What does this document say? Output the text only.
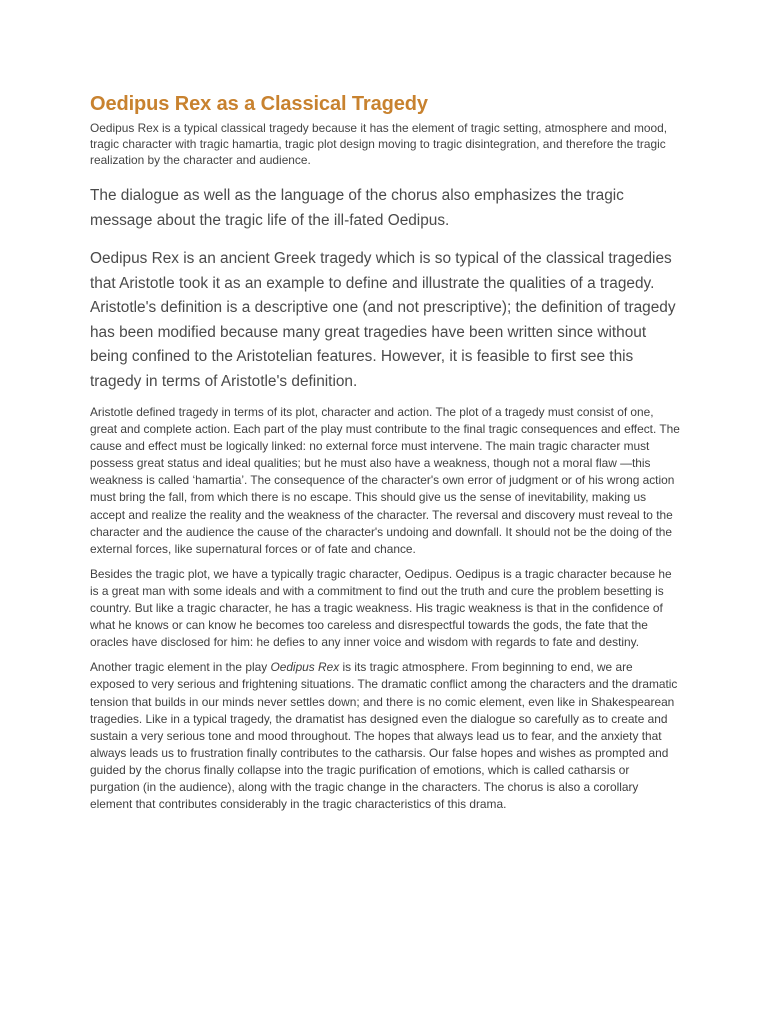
Oedipus Rex as a Classical Tragedy

Oedipus Rex is a typical classical tragedy because it has the element of tragic setting, atmosphere and mood, tragic character with tragic hamartia, tragic plot design moving to tragic disintegration, and therefore the tragic realization by the character and audience.

The dialogue as well as the language of the chorus also emphasizes the tragic message about the tragic life of the ill-fated Oedipus.

Oedipus Rex is an ancient Greek tragedy which is so typical of the classical tragedies that Aristotle took it as an example to define and illustrate the qualities of a tragedy. Aristotle's definition is a descriptive one (and not prescriptive); the definition of tragedy has been modified because many great tragedies have been written since without being confined to the Aristotelian features. However, it is feasible to first see this tragedy in terms of Aristotle's definition.

Aristotle defined tragedy in terms of its plot, character and action. The plot of a tragedy must consist of one, great and complete action. Each part of the play must contribute to the final tragic consequences and effect. The cause and effect must be logically linked: no external force must intervene. The main tragic character must possess great status and ideal qualities; but he must also have a weakness, though not a moral flaw —this weakness is called ‘hamartia’. The consequence of the character's own error of judgment or of his wrong action must bring the fall, from which there is no escape. This should give us the sense of inevitability, making us accept and realize the reality and the weakness of the character. The reversal and discovery must reveal to the character and the audience the cause of the character's undoing and downfall. It should not be the doing of the external forces, like supernatural forces or of fate and chance.

Besides the tragic plot, we have a typically tragic character, Oedipus. Oedipus is a tragic character because he is a great man with some ideals and with a commitment to find out the truth and cure the problem besetting is country. But like a tragic character, he has a tragic weakness. His tragic weakness is that in the confidence of what he knows or can know he becomes too careless and disrespectful towards the gods, the fate that the oracles have disclosed for him: he defies to any inner voice and wisdom with regards to fate and destiny.

Another tragic element in the play Oedipus Rex is its tragic atmosphere. From beginning to end, we are exposed to very serious and frightening situations. The dramatic conflict among the characters and the dramatic tension that builds in our minds never settles down; and there is no comic element, even like in Shakespearean tragedies. Like in a typical tragedy, the dramatist has designed even the dialogue so carefully as to create and sustain a very serious tone and mood throughout. The hopes that always lead us to fear, and the anxiety that always leads us to frustration finally contributes to the catharsis. Our false hopes and wishes as prompted and guided by the chorus finally collapse into the tragic purification of emotions, which is called catharsis or purgation (in the audience), along with the tragic change in the characters. The chorus is also a corollary element that contributes considerably in the tragic characteristics of this drama.
